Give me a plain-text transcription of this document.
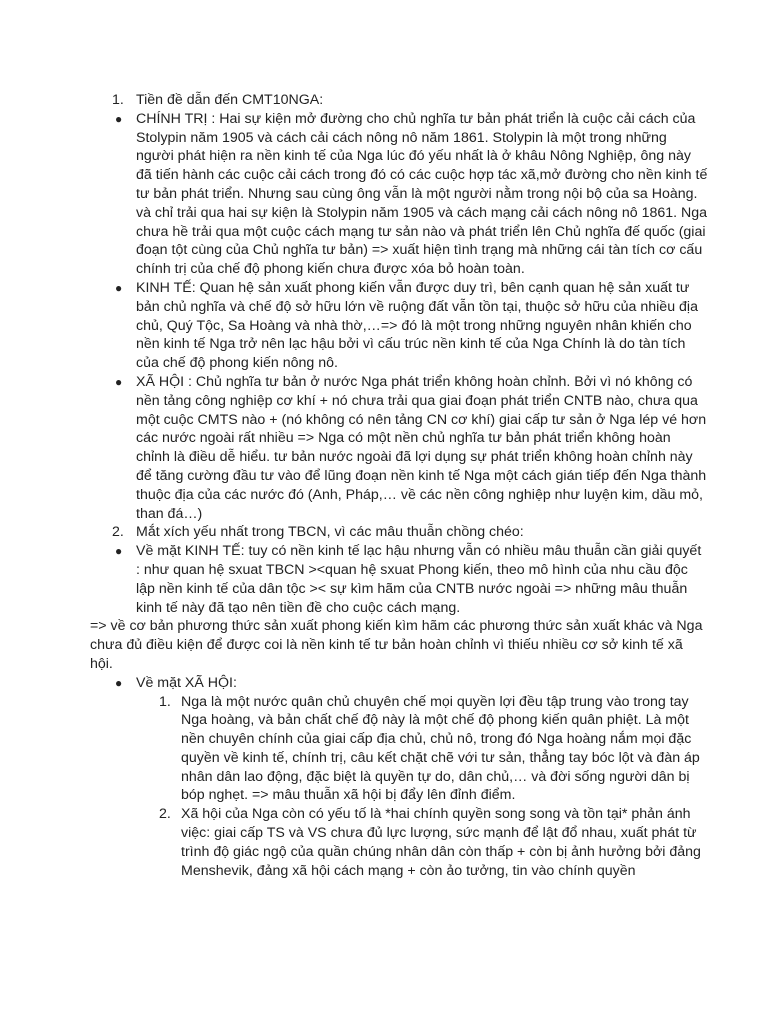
1. Tiền đề dẫn đến CMT10NGA:
● CHÍNH TRỊ : Hai sự kiện mở đường cho chủ nghĩa tư bản phát triển là cuộc cải cách của Stolypin năm 1905 và cách cải cách nông nô năm 1861. Stolypin là một trong những người phát hiện ra nền kinh tế của Nga lúc đó yếu nhất là ở khâu Nông Nghiệp, ông này đã tiến hành các cuộc cải cách trong đó có các cuộc hợp tác xã,mở đường cho nền kinh tế tư bản phát triển. Nhưng sau cùng ông vẫn là một người nằm trong nội bộ của sa Hoàng. và chỉ trải qua hai sự kiện là Stolypin năm 1905 và cách mạng cải cách nông nô 1861. Nga chưa hề trải qua một cuộc cách mạng tư sản nào và phát triển lên Chủ nghĩa đế quốc (giai đoạn tột cùng của Chủ nghĩa tư bản) => xuất hiện tình trạng mà những cái tàn tích cơ cấu chính trị của chế độ phong kiến chưa được xóa bỏ hoàn toàn.
● KINH TẾ: Quan hệ sản xuất phong kiến vẫn được duy trì, bên cạnh quan hệ sản xuất tư bản chủ nghĩa và chế độ sở hữu lớn về ruộng đất vẫn tồn tại, thuộc sở hữu của nhiều địa chủ, Quý Tộc, Sa Hoàng và nhà thờ,…=> đó là một trong những nguyên nhân khiến cho nền kinh tế Nga trở nên lạc hậu bởi vì cấu trúc nền kinh tế của Nga Chính là do tàn tích của chế độ phong kiến nông nô.
● XÃ HỘI : Chủ nghĩa tư bản ở nước Nga phát triển không hoàn chỉnh. Bởi vì nó không có nền tảng công nghiệp cơ khí + nó chưa trải qua giai đoạn phát triển CNTB nào, chưa qua một cuộc CMTS nào + (nó không có nên tảng CN cơ khí) giai cấp tư sản ở Nga lép vé hơn các nước ngoài rất nhiều => Nga có một nền chủ nghĩa tư bản phát triển không hoàn chỉnh là điều dễ hiểu. tư bản nước ngoài đã lợi dụng sự phát triển không hoàn chỉnh này để tăng cường đầu tư vào để lũng đoạn nền kinh tế Nga một cách gián tiếp đến Nga thành thuộc địa của các nước đó (Anh, Pháp,… về các nền công nghiệp như luyện kim, dầu mỏ, than đá…)
2. Mắt xích yếu nhất trong TBCN, vì các mâu thuẫn chồng chéo:
● Về mặt KINH TẾ: tuy có nền kinh tế lạc hậu nhưng vẫn có nhiều mâu thuẫn cần giải quyết : như quan hệ sxuat TBCN ><quan hệ sxuat Phong kiến, theo mô hình của nhu cầu độc lập nền kinh tế của dân tộc >< sự kìm hãm của CNTB nước ngoài => những mâu thuẫn kinh tế này đã tạo nên tiền đề cho cuộc cách mạng.
=> về cơ bản phương thức sản xuất phong kiến kìm hãm các phương thức sản xuất khác và Nga chưa đủ điều kiện để được coi là nền kinh tế tư bản hoàn chỉnh vì thiếu nhiều cơ sở kinh tế xã hội.
● Về mặt XÃ HỘI:
1. Nga là một nước quân chủ chuyên chế mọi quyền lợi đều tập trung vào trong tay Nga hoàng, và bản chất chế độ này là một chế độ phong kiến quân phiệt. Là một nền chuyên chính của giai cấp địa chủ, chủ nô, trong đó Nga hoàng nắm mọi đặc quyền về kinh tế, chính trị, câu kết chặt chẽ với tư sản, thẳng tay bóc lột và đàn áp nhân dân lao động, đặc biệt là quyền tự do, dân chủ,… và đời sống người dân bị bóp nghẹt. => mâu thuẫn xã hội bị đẩy lên đỉnh điểm.
2. Xã hội của Nga còn có yếu tố là *hai chính quyền song song và tồn tại* phản ánh việc: giai cấp TS và VS chưa đủ lực lượng, sức mạnh để lật đổ nhau, xuất phát từ trình độ giác ngộ của quần chúng nhân dân còn thấp + còn bị ảnh hưởng bởi đảng Menshevik, đảng xã hội cách mạng + còn ảo tưởng, tin vào chính quyền
